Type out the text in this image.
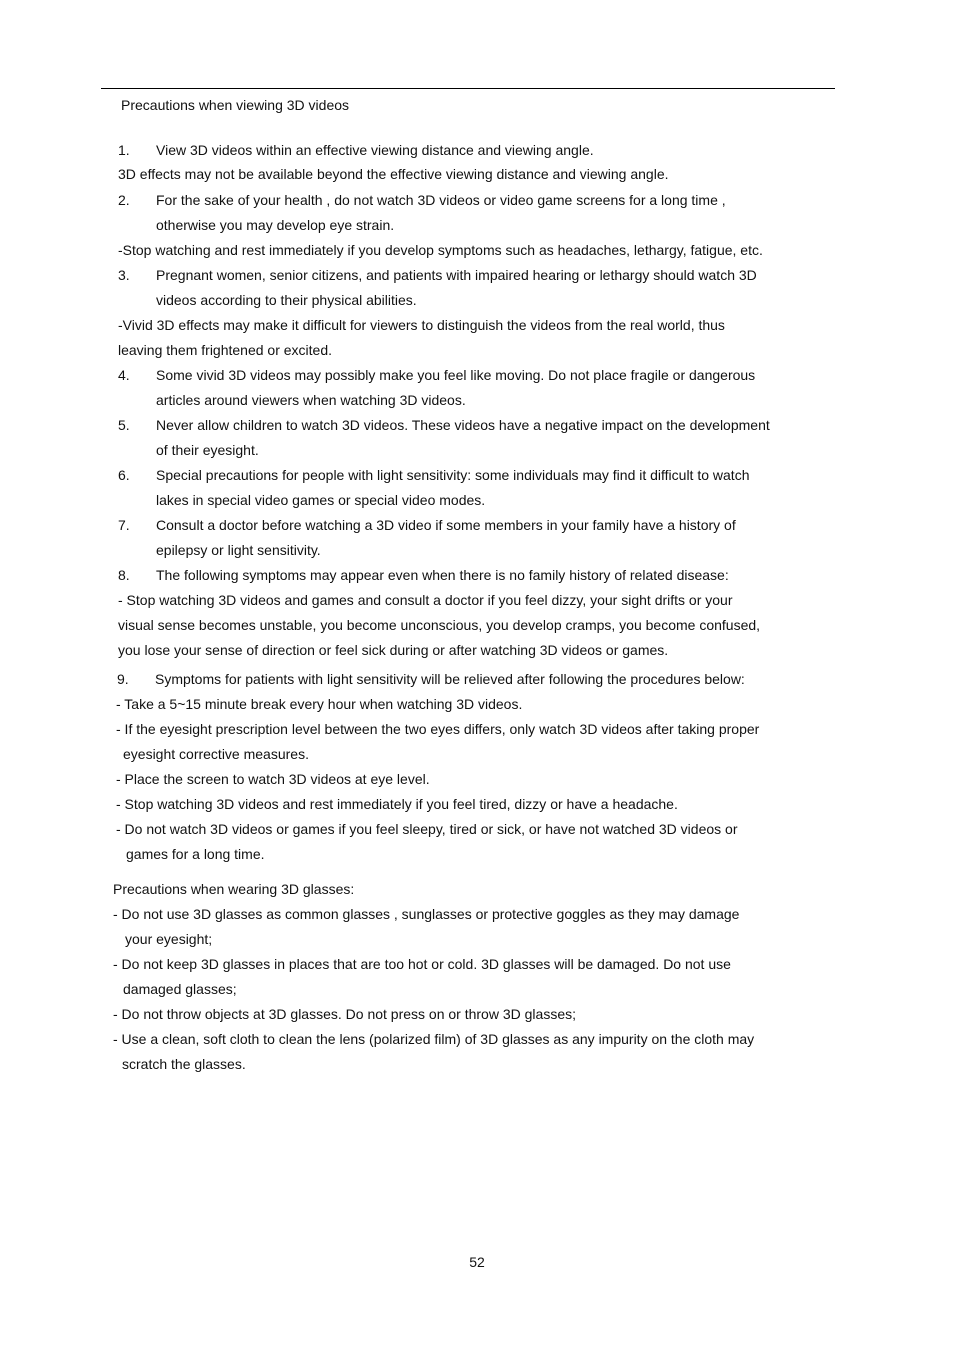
Precautions when viewing 3D videos
1. View 3D videos within an effective viewing distance and viewing angle.
3D effects may not be available beyond the effective viewing distance and viewing angle.
2. For the sake of your health , do not watch 3D videos or video game screens for a long time ,
otherwise you may develop eye strain.
-Stop watching and rest immediately if you develop symptoms such as headaches, lethargy, fatigue, etc.
3. Pregnant women, senior citizens, and patients with impaired hearing or lethargy should watch 3D
videos according to their physical abilities.
-Vivid 3D effects may make it difficult for viewers to distinguish the videos from the real world, thus
leaving them frightened or excited.
4. Some vivid 3D videos may possibly make you feel like moving. Do not place fragile or dangerous
articles around viewers when watching 3D videos.
5. Never allow children to watch 3D videos. These videos have a negative impact on the development
of their eyesight.
6. Special precautions for people with light sensitivity: some individuals may find it difficult to watch
lakes in special video games or special video modes.
7. Consult a doctor before watching a 3D video if some members in your family have a history of
epilepsy or light sensitivity.
8. The following symptoms may appear even when there is no family history of related disease:
- Stop watching 3D videos and games and consult a doctor if you feel dizzy, your sight drifts or your
visual sense becomes unstable, you become unconscious, you develop cramps, you become confused,
you lose your sense of direction or feel sick during or after watching 3D videos or games.
9. Symptoms for patients with light sensitivity will be relieved after following the procedures below:
- Take a 5~15 minute break every hour when watching 3D videos.
- If the eyesight prescription level between the two eyes differs, only watch 3D videos after taking proper
eyesight corrective measures.
- Place the screen to watch 3D videos at eye level.
- Stop watching 3D videos and rest immediately if you feel tired, dizzy or have a headache.
- Do not watch 3D videos or games if you feel sleepy, tired or sick, or have not watched 3D videos or
games for a long time.
Precautions when wearing 3D glasses:
- Do not use 3D glasses as common glasses , sunglasses or protective goggles as they may damage
your eyesight;
- Do not keep 3D glasses in places that are too hot or cold. 3D glasses will be damaged. Do not use
damaged glasses;
- Do not throw objects at 3D glasses. Do not press on or throw 3D glasses;
- Use a clean, soft cloth to clean the lens (polarized film) of 3D glasses as any impurity on the cloth may
scratch the glasses.
52
